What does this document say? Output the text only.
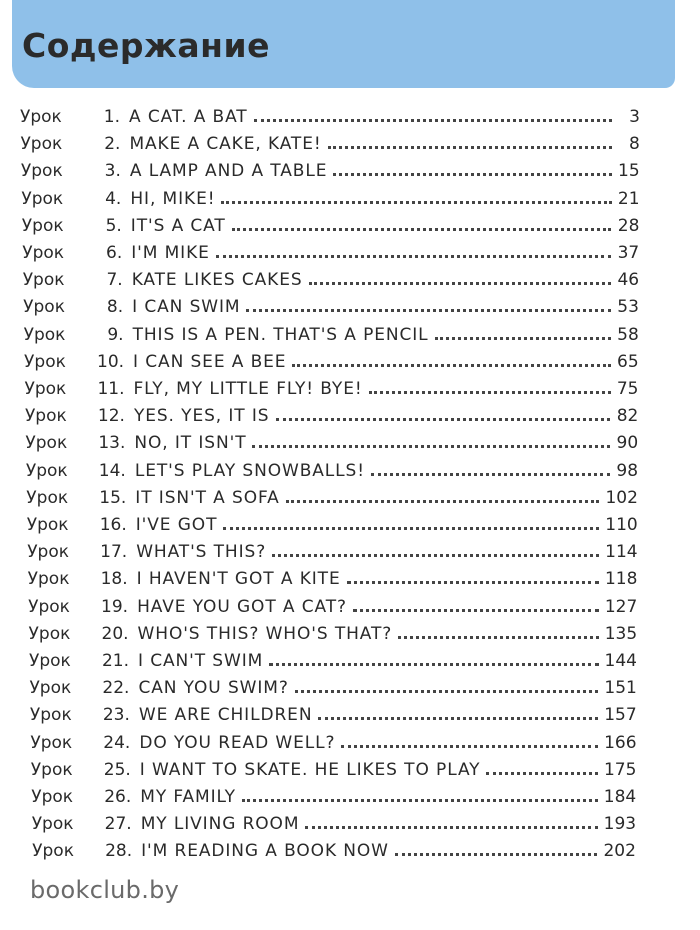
Содержание
Урок	1. A CAT. A BAT	3
Урок	2. MAKE A CAKE, KATE!	8
Урок	3. A LAMP AND A TABLE	15
Урок	4. HI, MIKE!	21
Урок	5. IT'S A CAT	28
Урок	6. I'M MIKE	37
Урок	7. KATE LIKES CAKES	46
Урок	8. I CAN SWIM	53
Урок	9. THIS IS A PEN. THAT'S A PENCIL	58
Урок	10. I CAN SEE A BEE	65
Урок	11. FLY, MY LITTLE FLY! BYE!	75
Урок	12. YES. YES, IT IS	82
Урок	13. NO, IT ISN'T	90
Урок	14. LET'S PLAY SNOWBALLS!	98
Урок	15. IT ISN'T A SOFA	102
Урок	16. I'VE GOT	110
Урок	17. WHAT'S THIS?	114
Урок	18. I HAVEN'T GOT A KITE	118
Урок	19. HAVE YOU GOT A CAT?	127
Урок	20. WHO'S THIS? WHO'S THAT?	135
Урок	21. I CAN'T SWIM	144
Урок	22. CAN YOU SWIM?	151
Урок	23. WE ARE CHILDREN	157
Урок	24. DO YOU READ WELL?	166
Урок	25. I WANT TO SKATE. HE LIKES TO PLAY	175
Урок	26. MY FAMILY	184
Урок	27. MY LIVING ROOM	193
Урок	28. I'M READING A BOOK NOW	202
bookclub.by
